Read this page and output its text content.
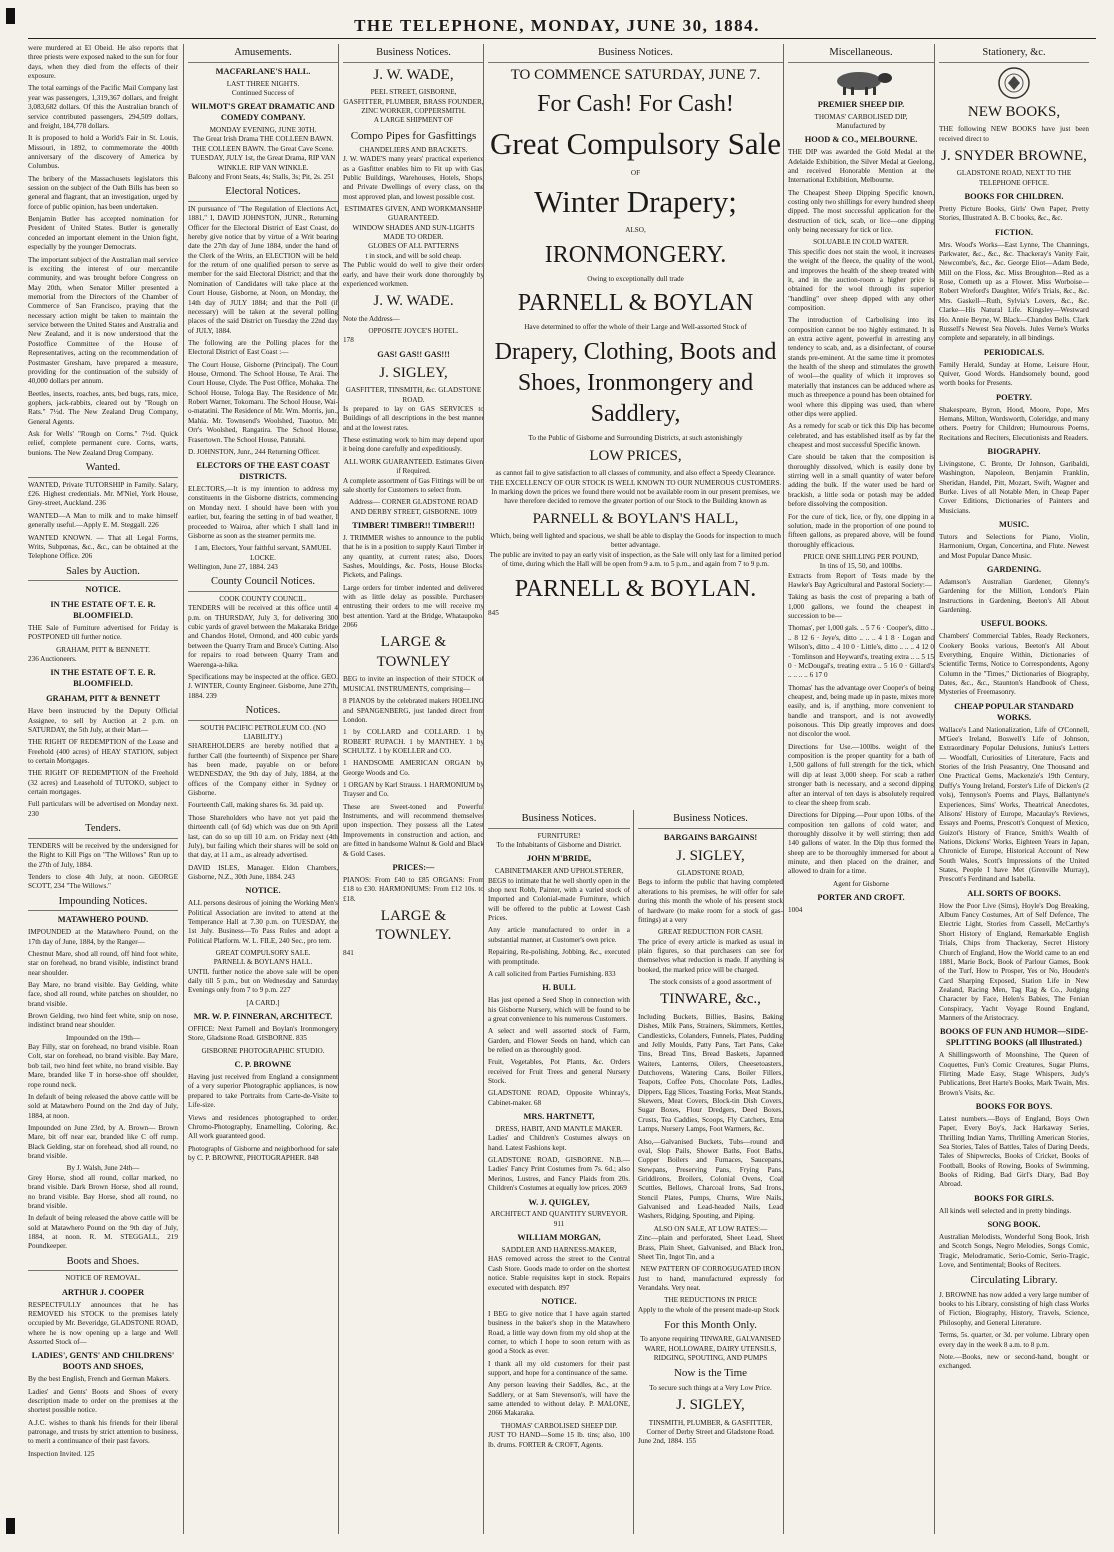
THE TELEPHONE, MONDAY, JUNE 30, 1884.

were murdered at El Obeid. He also reports that three priests were exposed naked to the sun for four days, when they died from the effects of their exposure.

The total earnings of the Pacific Mail Company last year was passengers, 1,319,367 dollars, and freight 3,083,682 dollars. Of this the Australian branch of service contributed passengers, 294,509 dollars, and freight, 184,778 dollars.

It is proposed to hold a World's Fair in St. Louis, Missouri, in 1892, to commemorate the 400th anniversary of the discovery of America by Columbus.

The bribery of the Massachusets legislators this session on the subject of the Oath Bills has been so general and flagrant, that an investigation, urged by force of public opinion, has been undertaken.

Benjamin Butler has accepted nomination for President of United States. Butler is generally conceded an important element in the Union fight, especially by the younger Democrats.

The important subject of the Australian mail service is exciting the interest of our mercantile community, and was brought before Congress on May 20th, when Senator Miller presented a memorial from the Directors of the Chamber of Commerce of San Francisco, praying that the necessary action might be taken to maintain the service between the United States and Australia and New Zealand, and it is now understood that the Postoffice Committee of the House of Representatives, acting on the recommendation of Postmaster Gresham, have prepared a measure, providing for the continuation of the subsidy of 40,000 dollars per annum.

Beetles, insects, roaches, ants, bed bugs, rats, mice, gophers, jack-rabbits, cleared out by "Rough on Rats." 7½d. The New Zealand Drug Company, General Agents.

Ask for Wells' "Rough on Corns." 7½d. Quick relief, complete permanent cure. Corns, warts, bunions. The New Zealand Drug Company.

Wanted.

WANTED, Private TUTORSHIP in Family. Salary, £26. Highest credentials. Mr. M'Niel, York House, Grey-street, Auckland. 236

WANTED—A Man to milk and to make himself generally useful.—Apply E. M. Steggall. 226

WANTED KNOWN. — That all Legal Forms, Writs, Subpœnas, &c., &c., can be obtained at the Telephone Office. 206

Sales by Auction.
NOTICE.
IN THE ESTATE OF T. E. R. BLOOMFIELD.

THE Sale of Furniture advertised for Friday is POSTPONED till further notice.

GRAHAM, PITT & BENNETT.

236 Auctioneers.

IN THE ESTATE OF T. E. R. BLOOMFIELD.
GRAHAM, PITT & BENNETT

Have been instructed by the Deputy Official Assignee, to sell by Auction at 2 p.m. on SATURDAY, the 5th July, at their Mart—

THE RIGHT OF REDEMPTION of the Lease and Freehold (400 acres) of HEAY STATION, subject to certain Mortgages.

THE RIGHT OF REDEMPTION of the Freehold (32 acres) and Leasehold of TUTOKO, subject to certain mortgages.

Full particulars will be advertised on Monday next. 230

Tenders.

TENDERS will be received by the undersigned for the Right to Kill Pigs on "The Willows" Run up to the 27th of July, 1884.

Tenders to close 4th July, at noon. GEORGE SCOTT, 234 "The Willows."

Impounding Notices.
MATAWHERO POUND.

IMPOUNDED at the Matawhero Pound, on the 17th day of June, 1884, by the Ranger—

Chestnut Mare, shod all round, off hind foot white, star on forehead, no brand visible, indistinct brand near shoulder.

Bay Mare, no brand visible. Bay Gelding, white face, shod all round, white patches on shoulder, no brand visible.

Brown Gelding, two hind feet white, snip on nose, indistinct brand near shoulder.

Impounded on the 19th—

Bay Filly, star on forehead, no brand visible. Roan Colt, star on forehead, no brand visible. Bay Mare, bob tail, two hind feet white, no brand visible. Bay Mare, branded like T in horse-shoe off shoulder, rope round neck.

In default of being released the above cattle will be sold at Matawhero Pound on the 2nd day of July, 1884, at noon.

Impounded on June 23rd, by A. Brown— Brown Mare, bit off near ear, branded like C off rump. Black Gelding, star on forehead, shod all round, no brand visible.

By J. Walsh, June 24th—

Grey Horse, shod all round, collar marked, no brand visible. Dark Brown Horse, shod all round, no brand visible. Bay Horse, shod all round, no brand visible.

In default of being released the above cattle will be sold at Matawhero Pound on the 9th day of July, 1884, at noon. R. M. STEGGALL, 219 Poundkeeper.

Boots and Shoes.
NOTICE OF REMOVAL.
ARTHUR J. COOPER

RESPECTFULLY announces that he has REMOVED his STOCK to the premises lately occupied by Mr. Beveridge, GLADSTONE ROAD, where he is now opening up a large and Well Assorted Stock of—

LADIES', GENTS' AND CHILDRENS' BOOTS AND SHOES,

By the best English, French and German Makers.

Ladies' and Gents' Boots and Shoes of every description made to order on the premises at the shortest possible notice.

A.J.C. wishes to thank his friends for their liberal patronage, and trusts by strict attention to business, to merit a continuance of their past favors.

Inspection Invited. 125

Amusements.
MACFARLANE'S HALL.
LAST THREE NIGHTS.
Continued Success of
WILMOT'S GREAT DRAMATIC AND COMEDY COMPANY.
MONDAY EVENING, JUNE 30TH.
The Great Irish Drama THE COLLEEN BAWN. THE COLLEEN BAWN. The Great Cave Scene.
TUESDAY, JULY 1st, the Great Drama, RIP VAN WINKLE. RIP VAN WINKLE.

Balcony and Front Seats, 4s; Stalls, 3s; Pit, 2s. 251

Electoral Notices.

IN pursuance of "The Regulation of Elections Act, 1881," I, DAVID JOHNSTON, JUNR., Returning Officer for the Electoral District of East Coast, do hereby give notice that by virtue of a Writ bearing date the 27th day of June 1884, under the hand of the Clerk of the Writs, an ELECTION will be held for the return of one qualified person to serve as member for the said Electoral District; and that the Nomination of Candidates will take place at the Court House, Gisborne, at Noon, on Monday, the 14th day of JULY 1884; and that the Poll (if necessary) will be taken at the several polling places of the said District on Tuesday the 22nd day of JULY, 1884.

The following are the Polling places for the Electoral District of East Coast :—

The Court House, Gisborne (Principal). The Court House, Ormond. The School House, Te Arai. The Court House, Clyde. The Post Office, Mohaka. The School House, Tologa Bay. The Residence of Mr. Robert Warner, Tokomaru. The School House, Wai-o-matatini. The Residence of Mr. Wm. Morris, jun., Mahia. Mr. Townsend's Woolshed, Tuaotuo. Mr. Orr's Woolshed, Rangatira. The School House, Frasertown. The School House, Patutahi.

D. JOHNSTON, Junr., 244 Returning Officer.

ELECTORS OF THE EAST COAST DISTRICTS.

ELECTORS,—It is my intention to address my constituents in the Gisborne districts, commencing on Monday next. I should have been with you earlier, but, fearing the setting in of bad weather, I proceeded to Wairoa, after which I shall land in Gisborne as soon as the steamer permits me.

I am, Electors, Your faithful servant, SAMUEL LOCKE.

Wellington, June 27, 1884. 243

County Council Notices.
COOK COUNTY COUNCIL.

TENDERS will be received at this office until 4 p.m. on THURSDAY, July 3, for delivering 300 cubic yards of gravel between the Makaraka Bridge and Chandos Hotel, Ormond, and 400 cubic yards between the Quarry Tram and Bruce's Cutting. Also for repairs to road between Quarry Tram and Waerenga-a-hika.

Specifications may be inspected at the office. GEO. J. WINTER, County Engineer. Gisborne, June 27th, 1884. 239

Notices.
SOUTH PACIFIC PETROLEUM CO. (NO LIABILITY.)

SHAREHOLDERS are hereby notified that a further Call (the fourteenth) of Sixpence per Share has been made, payable on or before WEDNESDAY, the 9th day of July, 1884, at the offices of the Company either in Sydney or Gisborne.

Fourteenth Call, making shares 6s. 3d. paid up.

Those Shareholders who have not yet paid the thirteenth call (of 6d) which was due on 9th April last, can do so up till 10 a.m. on Friday next (4th July), but failing which their shares will be sold on that day, at 11 a.m., as already advertised.

DAVID ISLES, Manager. Eldon Chambers, Gisborne, N.Z., 30th June, 1884. 243

NOTICE.

ALL persons desirous of joining the Working Men's Political Association are invited to attend at the Temperance Hall at 7.30 p.m. on TUESDAY, the 1st July. Business—To Pass Rules and adopt a Political Platform. W. L. FILE, 240 Sec., pro tem.

GREAT COMPULSORY SALE.
PARNELL & BOYLAN'S HALL.

UNTIL further notice the above sale will be open daily till 5 p.m., but on Wednesday and Saturday Evenings only from 7 to 9 p.m. 227

[A CARD.]
MR. W. P. FINNERAN, ARCHITECT.

OFFICE: Next Parnell and Boylan's Ironmongery Store, Gladstone Road. GISBORNE. 835

GISBORNE PHOTOGRAPHIC STUDIO.
C. P. BROWNE

Having just received from England a consignment of a very superior Photographic appliances, is now prepared to take Portraits from Carte-de-Visite to Life-size.

Views and residences photographed to order. Chromo-Photography, Enamelling, Coloring, &c. All work guaranteed good.

Photographs of Gisborne and neighborhood for sale by C. P. BROWNE, PHOTOGRAPHER. 848

Business Notices.
J. W. WADE,
PEEL STREET, GISBORNE,
GASFITTER, PLUMBER, BRASS FOUNDER, ZINC WORKER, COPPERSMITH.
A LARGE SHIPMENT OF
Compo Pipes for Gasfittings
CHANDELIERS AND BRACKETS.

J. W. WADE'S many years' practical experience as a Gasfitter enables him to Fit up with Gas, Public Buildings, Warehouses, Hotels, Shops, and Private Dwellings of every class, on the most approved plan, and lowest possible cost.

ESTIMATES GIVEN, AND WORKMANSHIP GUARANTEED.
WINDOW SHADES AND SUN-LIGHTS MADE TO ORDER.
GLOBES OF ALL PATTERNS
t in stock, and will be sold cheap.

The Public would do well to give their orders early, and have their work done thoroughly by experienced workmen.

J. W. WADE.

Note the Address—

OPPOSITE JOYCE'S HOTEL.

178

GAS! GAS!! GAS!!!
J. SIGLEY,
GASFITTER, TINSMITH, &c. GLADSTONE ROAD.

Is prepared to lay on GAS SERVICES to Buildings of all descriptions in the best manner and at the lowest rates.

These estimating work to him may depend upon it being done carefully and expeditiously.

ALL WORK GUARANTEED. Estimates Given if Required.

A complete assortment of Gas Fittings will be on sale shortly for Customers to select from.

Address— CORNER GLADSTONE ROAD AND DERBY STREET, GISBORNE. 1009
TIMBER! TIMBER!! TIMBER!!!

J. TRIMMER wishes to announce to the public that he is in a position to supply Kauri Timber in any quantity, at current rates; also, Doors, Sashes, Mouldings, &c. Posts, House Blocks, Pickets, and Palings.

Large orders for timber indented and delivered with as little delay as possible. Purchasers entrusting their orders to me will receive my best attention. Yard at the Bridge, Whataupoko. 2066

LARGE & TOWNLEY

BEG to invite an inspection of their STOCK of MUSICAL INSTRUMENTS, comprising—

8 PIANOS by the celebrated makers HOELING and SPANGENBERG, just landed direct from London.

1 by COLLARD and COLLARD. 1 by ROBERT RUPACH. 1 by MANTHEY. 1 by SCHULTZ. 1 by KOELLER and CO.

1 HANDSOME AMERICAN ORGAN by George Woods and Co.

1 ORGAN by Karl Strauss. 1 HARMONIUM by Trayser and Co.

These are Sweet-toned and Powerful Instruments, and will recommend themselves upon inspection. They possess all the Latest Improvements in construction and action, and are fitted in handsome Walnut & Gold and Black & Gold Cases.

PRICES:—

PIANOS: From £40 to £85 ORGANS: From £18 to £30. HARMONIUMS: From £12 10s. to £18.

LARGE & TOWNLEY.

841

Business Notices.
TO COMMENCE SATURDAY, JUNE 7.
For Cash! For Cash!
Great Compulsory Sale
OF
Winter Drapery;
ALSO,
IRONMONGERY.
Owing to exceptionally dull trade
PARNELL & BOYLAN
Have determined to offer the whole of their Large and Well-assorted Stock of
Drapery, Clothing, Boots and Shoes, Ironmongery and Saddlery,
To the Public of Gisborne and Surrounding Districts, at such astonishingly
LOW PRICES,
as cannot fail to give satisfaction to all classes of community, and also effect a Speedy Clearance.
THE EXCELLENCY OF OUR STOCK IS WELL KNOWN TO OUR NUMEROUS CUSTOMERS.
In marking down the prices we found there would not be available room in our present premises, we have therefore decided to remove the greater portion of our Stock to the Building known as
PARNELL & BOYLAN'S HALL,
Which, being well lighted and spacious, we shall be able to display the Goods for inspection to much better advantage.
The public are invited to pay an early visit of inspection, as the Sale will only last for a limited period of time, during which the Hall will be open from 9 a.m. to 5 p.m., and again from 7 to 9 p.m.
PARNELL & BOYLAN.

845

Business Notices.
FURNITURE!
To the Inhabitants of Gisborne and District.
JOHN M'BRIDE,
CABINETMAKER AND UPHOLSTERER,

BEGS to intimate that he well shortly open in the shop next Robb, Painter, with a varied stock of Imported and Colonial-made Furniture, which will be offered to the public at Lowest Cash Prices.

Any article manufactured to order in a substantial manner, at Customer's own price.

Repairing, Re-polishing, Jobbing, &c., executed with promptitude.

A call solicited from Parties Furnishing. 833

H. BULL

Has just opened a Seed Shop in connection with his Gisborne Nursery, which will be found to be a great convenience to his numerous Customers.

A select and well assorted stock of Farm, Garden, and Flower Seeds on hand, which can be relied on as thoroughly good.

Fruit, Vegetables, Pot Plants, &c. Orders received for Fruit Trees and general Nursery Stock.

GLADSTONE ROAD, Opposite Whinray's, Cabinet-maker. 68

MRS. HARTNETT,
DRESS, HABIT, AND MANTLE MAKER.

Ladies' and Children's Costumes always on hand. Latest Fashions kept.

GLADSTONE ROAD, GISBORNE. N.B.—Ladies' Fancy Print Costumes from 7s. 6d.; also Merinos, Lustres, and Fancy Plaids from 20s. Children's Costumes at equally low prices. 2069

W. J. QUIGLEY,
ARCHITECT AND QUANTITY SURVEYOR. 911
WILLIAM MORGAN,
SADDLER AND HARNESS-MAKER,

HAS removed across the street to the Central Cash Store. Goods made to order on the shortest notice. Stable requisites kept in stock. Repairs executed with despatch. 897

NOTICE.

I BEG to give notice that I have again started business in the baker's shop in the Matawhero Road, a little way down from my old shop at the corner, to which I hope to soon return with as good a Stock as ever.

I thank all my old customers for their past support, and hope for a continuance of the same.

Any person leaving their Saddles, &c., at the Saddlery, or at Sam Stevenson's, will have the same attended to without delay. P. MALONE, 2066 Makaraka.

THOMAS' CARBOLISED SHEEP DIP.

JUST TO HAND—Some 15 lb. tins; also, 100 lb. drums. FORTER & CROFT, Agents.

Business Notices.
BARGAINS BARGAINS!
J. SIGLEY,
GLADSTONE ROAD,

Begs to inform the public that having completed alterations to his premises, he will offer for sale during this month the whole of his present stock of hardware (to make room for a stock of gas-fittings) at a very

GREAT REDUCTION FOR CASH.

The price of every article is marked as usual in plain figures, so that purchasers can see for themselves what reduction is made. If anything is booked, the marked price will be charged.

The stock consists of a good assortment of
TINWARE, &c.,

Including Buckets, Billies, Basins, Baking Dishes, Milk Pans, Strainers, Skimmers, Kettles, Candlesticks, Colanders, Funnels, Plates, Pudding and Jelly Moulds, Patty Pans, Tart Pans, Cake Tins, Bread Tins, Bread Baskets, Japanned Waiters, Lanterns, Oilers, Cheesetoasters, Dutchovens, Watering Cans, Boiler Fillers, Teapots, Coffee Pots, Chocolate Pots, Ladles, Dippers, Egg Slices, Toasting Forks, Meat Stands, Skewers, Meat Covers, Block-tin Dish Covers, Sugar Boxes, Flour Dredgers, Deed Boxes, Crusts, Tea Caddies, Scoops, Fly Catchers, Etna Lamps, Nursery Lamps, Foot Warmers, &c.

Also,—Galvanised Buckets, Tubs—round and oval, Slop Pails, Shower Baths, Foot Baths, Copper Boilers and Furnaces, Saucepans, Stewpans, Preserving Pans, Frying Pans, Griddirons, Broilers, Colonial Ovens, Coal Scuttles, Bellows, Charcoal Irons, Sad Irons, Stencil Plates, Pumps, Churns, Wire Nails, Galvanised and Lead-headed Nails, Lead Washers, Ridging, Spouting, and Piping.

ALSO ON SALE, AT LOW RATES:—

Zinc—plain and perforated, Sheet Lead, Sheet Brass, Plain Sheet, Galvanised, and Black Iron, Sheet Tin, Ingot Tin, and a

NEW PATTERN OF CORROGUGATED IRON

Just to hand, manufactured expressly for Verandahs. Very neat.

THE REDUCTIONS IN PRICE

Apply to the whole of the present made-up Stock

For this Month Only.
To anyone requiring TINWARE, GALVANISED WARE, HOLLOWARE, DAIRY UTENSILS, RIDGING, SPOUTING, AND PUMPS
Now is the Time
To secure such things at a Very Low Price.
J. SIGLEY,
TINSMITH, PLUMBER, & GASFITTER, Corner of Derby Street and Gladstone Road.

June 2nd, 1884. 155

Miscellaneous.
PREMIER SHEEP DIP.
THOMAS' CARBOLISED DIP,
Manufactured by
HOOD & CO., MELBOURNE.

THE DIP was awarded the Gold Medal at the Adelaide Exhibition, the Silver Medal at Geelong, and received Honorable Mention at the International Exhibition, Melbourne.

The Cheapest Sheep Dipping Specific known, costing only two shillings for every hundred sheep dipped. The most successful application for the destruction of tick, scab, or lice—one dipping only being necessary for tick or lice.

SOLUABLE IN COLD WATER.

This specific does not stain the wool, it increases the weight of the fleece, the quality of the wool, and improves the health of the sheep treated with it, and in the auction-room a higher price is obtained for the wool through its superior "handling" over sheep dipped with any other composition.

The introduction of Carbolising into its composition cannot be too highly estimated. It is an extra active agent, powerful in arresting any tendency to scab, and, as a disinfectant, of course stands pre-eminent. At the same time it promotes the health of the sheep and stimulates the growth of wool—the quality of which it improves so materially that instances can be adduced where as much as threepence a pound has been obtained for wool where this dipping was used, than where other dips were applied.

As a remedy for scab or tick this Dip has become celebrated, and has established itself as by far the cheapest and most successful Specific known.

Care should be taken that the composition is thoroughly dissolved, which is easily done by stirring well in a small quantity of water before adding the bulk. If the water used be hard or brackish, a little soda or potash may be added before dissolving the composition.

For the cure of tick, lice, or fly, one dipping in a solution, made in the proportion of one pound to fifteen gallons, as prepared above, will be found thoroughly efficacious.

PRICE ONE SHILLING PER POUND,
In tins of 15, 50, and 100lbs.

Extracts from Report of Tests made by the Hawke's Bay Agricultural and Pastoral Society:—

Taking as basis the cost of preparing a bath of 1,000 gallons, we found the cheapest in succession to be—

Thomas', per 1,000 gals. .. 5 7 6 · Cooper's, ditto .. .. 8 12 6 · Jeye's, ditto .. .. .. 4 1 8 · Logan and Wilson's, ditto .. 4 10 0 · Little's, ditto .. .. .. 4 12 0 · Tomlinson and Heyward's, treating extra .. .. 5 15 0 · McDougal's, treating extra .. 5 16 0 · Gillard's .. .. .. .. 6 17 0

Thomas' has the advantage over Cooper's of being cheapest, and, being made up in paste, mixes more easily, and is, if anything, more convenient to handle and transport, and is not avowedly poisonous. This Dip greatly improves and does not discolor the wool.

Directions for Use.—100lbs. weight of the composition is the proper quantity for a bath of 1,500 gallons of full strength for the tick, which will dip at least 3,000 sheep. For scab a rather stronger bath is necessary, and a second dipping after an interval of ten days is absolutely required to clear the sheep from scab.

Directions for Dipping.—Pour upon 10lbs. of the composition ten gallons of cold water, and thoroughly dissolve it by well stirring; then add 140 gallons of water. In the Dip thus formed the sheep are to be thoroughly immersed for about a minute, and then placed on the drainer, and allowed to drain for a time.

Agent for Gisborne
PORTER AND CROFT.

1004

Stationery, &c.
NEW BOOKS,

THE following NEW BOOKS have just been received direct to

J. SNYDER BROWNE,
GLADSTONE ROAD, NEXT TO THE TELEPHONE OFFICE.
BOOKS FOR CHILDREN.

Pretty Picture Books, Girls' Own Paper, Pretty Stories, Illustrated A. B. C books, &c., &c.

FICTION.

Mrs. Wood's Works—East Lynne, The Channings, Parkwater, &c., &c., &c. Thackeray's Vanity Fair, Newcombe's, &c., &c. George Eliot—Adam Bede, Mill on the Floss, &c. Miss Broughton—Red as a Rose, Cometh up as a Flower. Miss Worboise—Robert Wreford's Daughter, Wife's Trials, &c., &c. Mrs. Gaskell—Ruth, Sylvia's Lovers, &c., &c. Clarke—His Natural Life. Kingsley—Westward Ho. Annie Beyne, W. Black—Chandos Bells. Clark Russell's Newest Sea Novels. Jules Verne's Works complete and separately, in all bindings.

PERIODICALS.

Family Herald, Sunday at Home, Leisure Hour, Quiver, Good Words. Handsomely bound, good worth books for Presents.

POETRY.

Shakespeare, Byron, Hood, Moore, Pope, Mrs Hemans, Milton, Wordsworth, Coleridge, and many others. Poetry for Children; Humourous Poems, Recitations and Reciters, Elecutionists and Readers.

BIOGRAPHY.

Livingstone, C. Bronte, Dr Johnson, Garibaldi, Washington, Napoleon, Benjamin Franklin, Sheridan, Handel, Pitt, Mozart, Swift, Wagner and Burke. Lives of all Notable Men, in Cheap Paper Cover Editions, Dictionaries of Painters and Musicians.

MUSIC.

Tutors and Selections for Piano, Violin, Harmonium, Organ, Concertina, and Flute. Newest and Most Popular Dance Music.

GARDENING.

Adamson's Australian Gardener, Glenny's Gardening for the Million, London's Plain Instructions in Gardening, Beeton's All About Gardening.

USEFUL BOOKS.

Chambers' Commercial Tables, Ready Reckoners, Cookery Books various, Beeton's All About Everything, Enquire Within, Dictionaries of Scientific Terms, Notice to Correspondents, Agony Column in the "Times," Dictionaries of Biography, Dates, &c., &c., Staunton's Handbook of Chess, Mysteries of Freemasonry.

CHEAP POPULAR STANDARD WORKS.

Wallace's Land Nationalization, Life of O'Connell, M'Gee's Ireland, Boswell's Life of Johnson, Extraordinary Popular Delusions, Junius's Letters — Woodfall, Curiosities of Literature, Facts and Stories of the Irish Peasantry, One Thousand and One Practical Gems, Mackenzie's 19th Century, Duffy's Young Ireland, Forster's Life of Dicken's (2 vols), Tennyson's Poems and Plays, Ballantyne's Experiences, Sims' Works, Theatrical Anecdotes, Alisons' History of Europe, Macaulay's Reviews, Essays and Poems, Prescott's Conquest of Mexico, Guizot's History of France, Smith's Wealth of Nations, Dickens' Works, Eighteen Years in Japan, Chronicle of Europe, Historical Account of New South Wales, Scott's Impressions of the United States, People I have Met (Grenville Murray), Prescott's Ferdinand and Isabella.

ALL SORTS OF BOOKS.

How the Poor Live (Sims), Hoyle's Dog Breaking, Album Fancy Costumes, Art of Self Defence, The Electric Light, Stories from Cassell, McCarthy's Short History of England, Remarkable English Trials, Chips from Thackeray, Secret History Church of England, How the World came to an end 1881, Marie Bock, Book of Parlour Games, Book of the Turf, How to Prosper, Yes or No, Houden's Card Sharping Exposed, Station Life in New Zealand, Racing Men, Tag Rag & Co., Judging Character by Face, Helen's Babies, The Fenian Conspiracy, Yacht Voyage Round England, Manners of the Aristocracy.

BOOKS OF FUN AND HUMOR—SIDE-SPLITTING BOOKS (all Illustrated.)

A Shillingsworth of Moonshine, The Queen of Coquettes, Fun's Comic Creatures, Sugar Plums, Flirting Made Easy, Stage Whispers, Judy's Publications, Bret Harte's Books, Mark Twain, Mrs. Brown's Visits, &c.

BOOKS FOR BOYS.

Latest numbers.—Boys of England, Boys Own Paper, Every Boy's, Jack Harkaway Series, Thrilling Indian Yarns, Thrilling American Stories, Sea Stories, Tales of Battles, Tales of Daring Deeds, Tales of Shipwrecks, Books of Cricket, Books of Football, Books of Rowing, Books of Swimming, Books of Riding, Bad Girl's Diary, Bad Boy Abroad.

BOOKS FOR GIRLS.

All kinds well selected and in pretty bindings.

SONG BOOK.

Australian Melodists, Wonderful Song Book, Irish and Scotch Songs, Negro Melodies, Songs Comic, Tragic, Melodramatic, Serio-Comic, Serio-Tragic, Love, and Sentimental; Books of Reciters.

Circulating Library.

J. BROWNE has now added a very large number of books to his Library, consisting of high class Works of Fiction, Biography, History, Travels, Science, Philosophy, and General Literature.

Terms, 5s. quarter, or 3d. per volume. Library open every day in the week 8 a.m. to 8 p.m.

Note.—Books, new or second-hand, bought or exchanged.
